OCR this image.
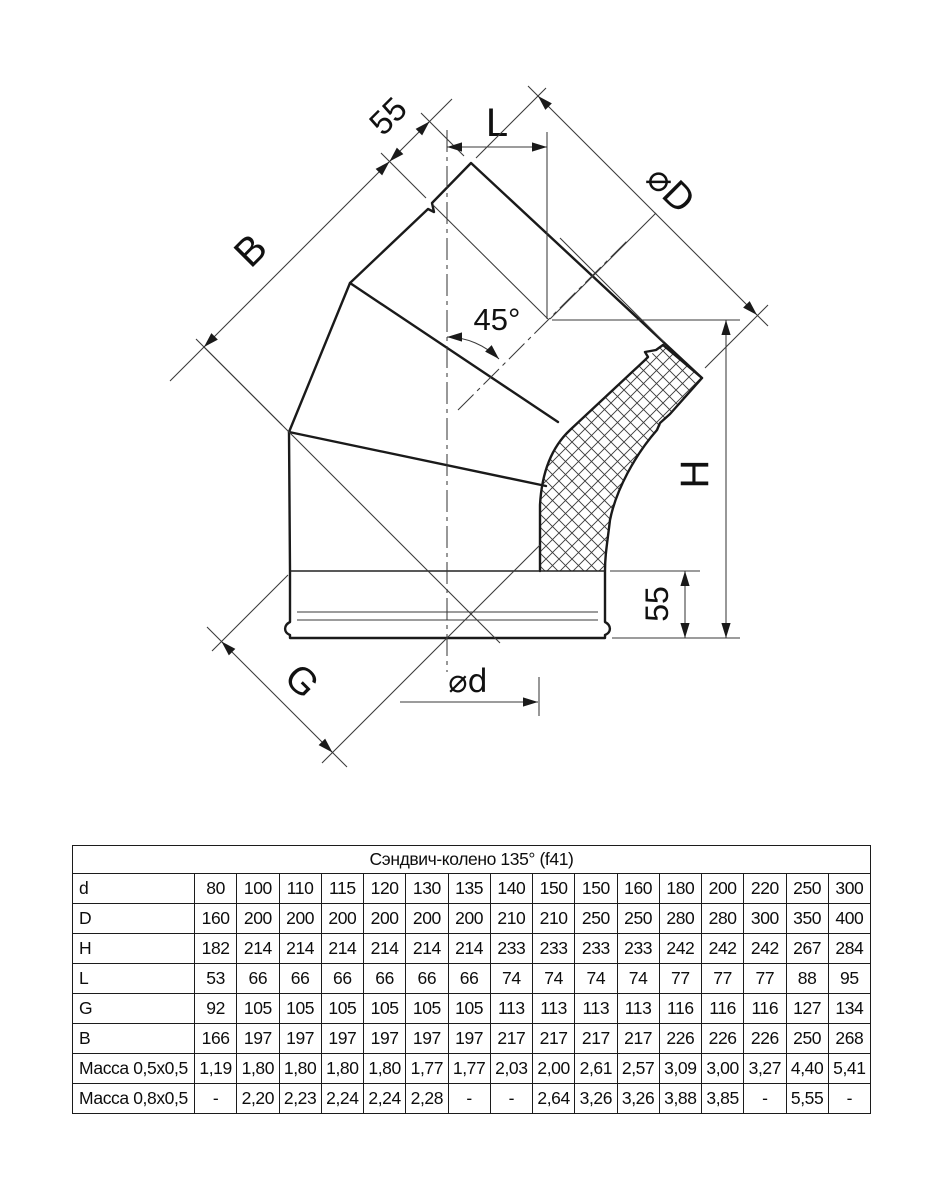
B
55 L
⌀D
45°
H
55
G	⌀d
Сэндвич-колено 135° (f41)																
d	80	100	110	115	120	130	135	140	150	150	160	180	200	220	250	300
D	160	200	200	200	200	200	200	210	210	250	250	280	280	300	350	400
H	182	214	214	214	214	214	214	233	233	233	233	242	242	242	267	284
L	53	66	66	66	66	66	66	74	74	74	74	77	77	77	88	95
G	92	105	105	105	105	105	105	113	113	113	113	116	116	116	127	134
B	166	197	197	197	197	197	197	217	217	217	217	226	226	226	250	268
Масса 0,5x0,5	1,19	1,80	1,80	1,80	1,80	1,77	1,77	2,03	2,00	2,61	2,57	3,09	3,00	3,27	4,40	5,41
Масса 0,8x0,5	-	2,20	2,23	2,24	2,24	2,28	-	-	2,64	3,26	3,26	3,88	3,85	-	5,55	-
